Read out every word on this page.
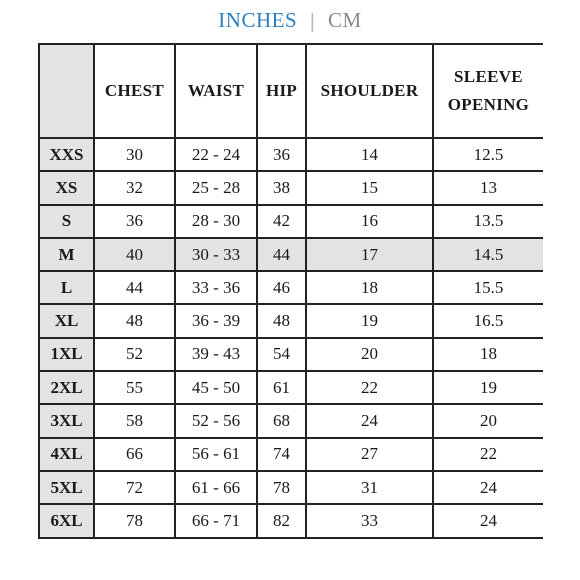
INCHES | CM
	CHEST	WAIST	HIP	SHOULDER	SLEEVE OPENING
XXS	30	22 - 24	36	14	12.5
XS	32	25 - 28	38	15	13
S	36	28 - 30	42	16	13.5
M	40	30 - 33	44	17	14.5
L	44	33 - 36	46	18	15.5
XL	48	36 - 39	48	19	16.5
1XL	52	39 - 43	54	20	18
2XL	55	45 - 50	61	22	19
3XL	58	52 - 56	68	24	20
4XL	66	56 - 61	74	27	22
5XL	72	61 - 66	78	31	24
6XL	78	66 - 71	82	33	24
